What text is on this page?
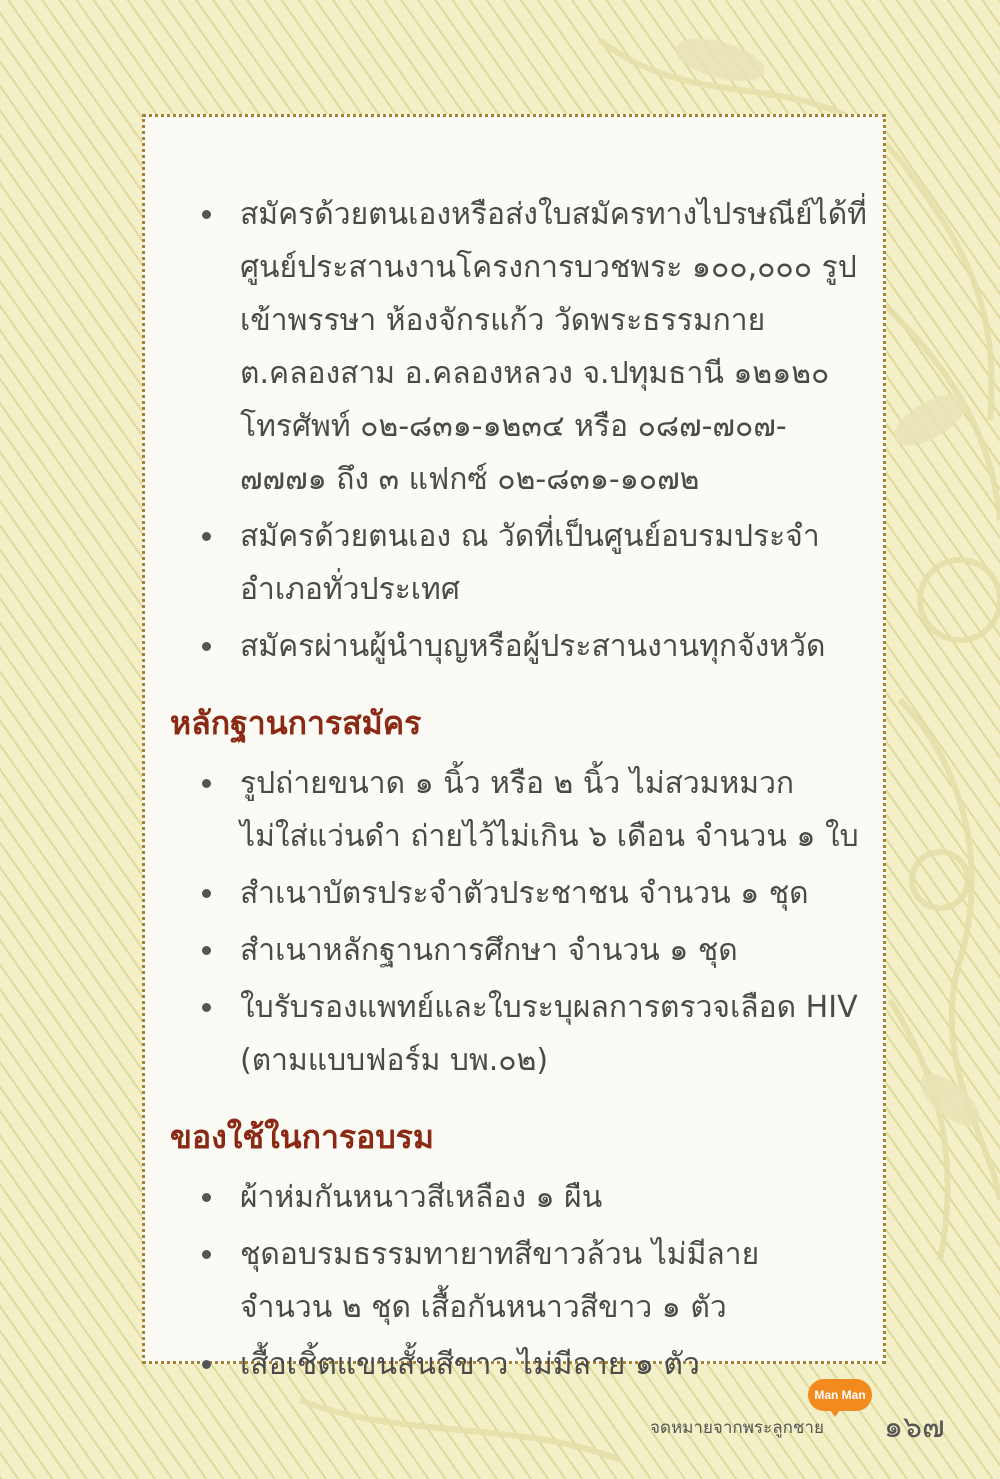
สมัครด้วยตนเองหรือส่งใบสมัครทางไปรษณีย์ได้ที่
ศูนย์ประสานงานโครงการบวชพระ ๑๐๐,๐๐๐ รูป
เข้าพรรษา ห้องจักรแก้ว วัดพระธรรมกาย
ต.คลองสาม อ.คลองหลวง จ.ปทุมธานี ๑๒๑๒๐
โทรศัพท์ ๐๒-๘๓๑-๑๒๓๔ หรือ ๐๘๗-๗๐๗-
๗๗๗๑ ถึง ๓ แฟกซ์ ๐๒-๘๓๑-๑๐๗๒
สมัครด้วยตนเอง ณ วัดที่เป็นศูนย์อบรมประจำ
อำเภอทั่วประเทศ
สมัครผ่านผู้นำบุญหรือผู้ประสานงานทุกจังหวัด
หลักฐานการสมัคร
รูปถ่ายขนาด ๑ นิ้ว หรือ ๒ นิ้ว ไม่สวมหมวก
ไม่ใส่แว่นดำ ถ่ายไว้ไม่เกิน ๖ เดือน จำนวน ๑ ใบ
สำเนาบัตรประจำตัวประชาชน จำนวน ๑ ชุด
สำเนาหลักฐานการศึกษา จำนวน ๑ ชุด
ใบรับรองแพทย์และใบระบุผลการตรวจเลือด HIV
(ตามแบบฟอร์ม บพ.๐๒)
ของใช้ในการอบรม
ผ้าห่มกันหนาวสีเหลือง ๑ ผืน
ชุดอบรมธรรมทายาทสีขาวล้วน ไม่มีลาย
จำนวน ๒ ชุด เสื้อกันหนาวสีขาว ๑ ตัว
เสื้อเชิ้ตแขนสั้นสีขาว ไม่มีลาย ๑ ตัว
Man Man
จดหมายจากพระลูกชาย ๑๖๗
